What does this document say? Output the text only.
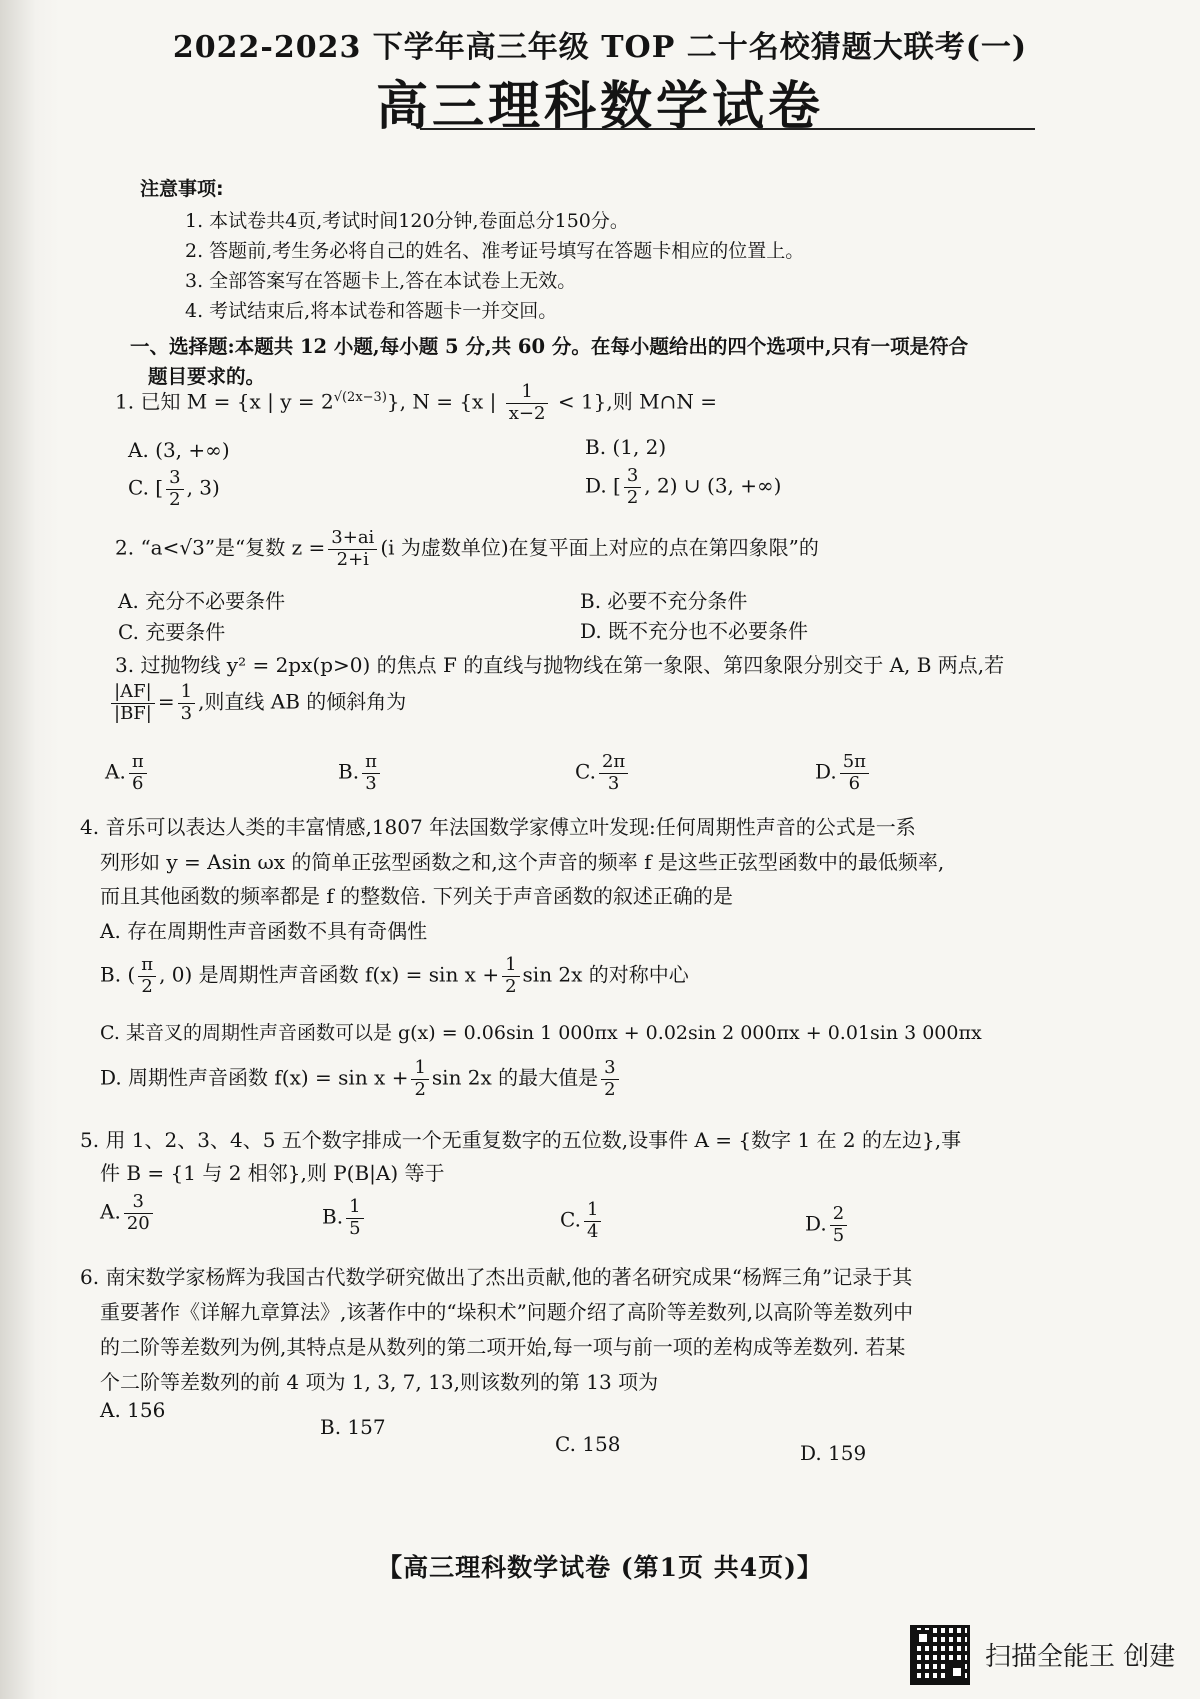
2022-2023 下学年高三年级 TOP 二十名校猜题大联考(一)
高三理科数学试卷
注意事项:
1. 本试卷共4页,考试时间120分钟,卷面总分150分。
2. 答题前,考生务必将自己的姓名、准考证号填写在答题卡相应的位置上。
3. 全部答案写在答题卡上,答在本试卷上无效。
4. 考试结束后,将本试卷和答题卡一并交回。
一、选择题:本题共 12 小题,每小题 5 分,共 60 分。在每小题给出的四个选项中,只有一项是符合
题目要求的。
1. 已知 M = {x | $y = 2^{√(2x-3)}$}, N = {x | $\frac{1}{x-2} < 1$},则 M∩N =
A. (3, +∞)	B. (1, 2)
C. [ $\frac{3}{2}$ , 3)	D. [ $\frac{3}{2}$ , 2) ∪ (3, +∞)
2. “a<√3”是“复数 $z = \frac{3+ai}{2+i} (i$ 为虚数单位)在复平面上对应的点在第四象限”的
A. 充分不必要条件	B. 必要不充分条件
C. 充要条件	D. 既不充分也不必要条件
3. 过抛物线 y² = 2px(p>0) 的焦点 F 的直线与抛物线在第一象限、第四象限分别交于 A, B 两点,若
$\frac{|AF|}{|BF|} = \frac{1}{3}$ ,则直线 AB 的倾斜角为
A. $\frac{\pi}{6}$	B. $\frac{\pi}{3}$	C. $\frac{2\pi}{3}$	D. $\frac{5\pi}{6}$
4. 音乐可以表达人类的丰富情感,1807 年法国数学家傅立叶发现:任何周期性声音的公式是一系
列形如 y = Asin ωx 的简单正弦型函数之和,这个声音的频率 f 是这些正弦型函数中的最低频率,
而且其他函数的频率都是 f 的整数倍. 下列关于声音函数的叙述正确的是
A. 存在周期性声音函数不具有奇偶性
B. ( $\frac{\pi}{2}$ , 0) 是周期性声音函数 $f(x) = \sin x + \frac{1}{2}$ sin 2x 的对称中心
C. 某音叉的周期性声音函数可以是 g(x) = 0.06sin 1 000πx + 0.02sin 2 000πx + 0.01sin 3 000πx
D. 周期性声音函数 $f(x) = \sin x + \frac{1}{2}$ sin 2x 的最大值是 $\frac{3}{2}$
5. 用 1、2、3、4、5 五个数字排成一个无重复数字的五位数,设事件 A = {数字 1 在 2 的左边},事
件 B = {1 与 2 相邻},则 P(B|A) 等于
A. $\frac{3}{20}$	B. $\frac{1}{5}$	C. $\frac{1}{4}$	D. $\frac{2}{5}$
6. 南宋数学家杨辉为我国古代数学研究做出了杰出贡献,他的著名研究成果“杨辉三角”记录于其
重要著作《详解九章算法》,该著作中的“垛积术”问题介绍了高阶等差数列,以高阶等差数列中
的二阶等差数列为例,其特点是从数列的第二项开始,每一项与前一项的差构成等差数列. 若某
个二阶等差数列的前 4 项为 1, 3, 7, 13,则该数列的第 13 项为
A. 156
B. 157
C. 158	D. 159
【高三理科数学试卷 (第1页 共4页)】
扫描全能王 创建
